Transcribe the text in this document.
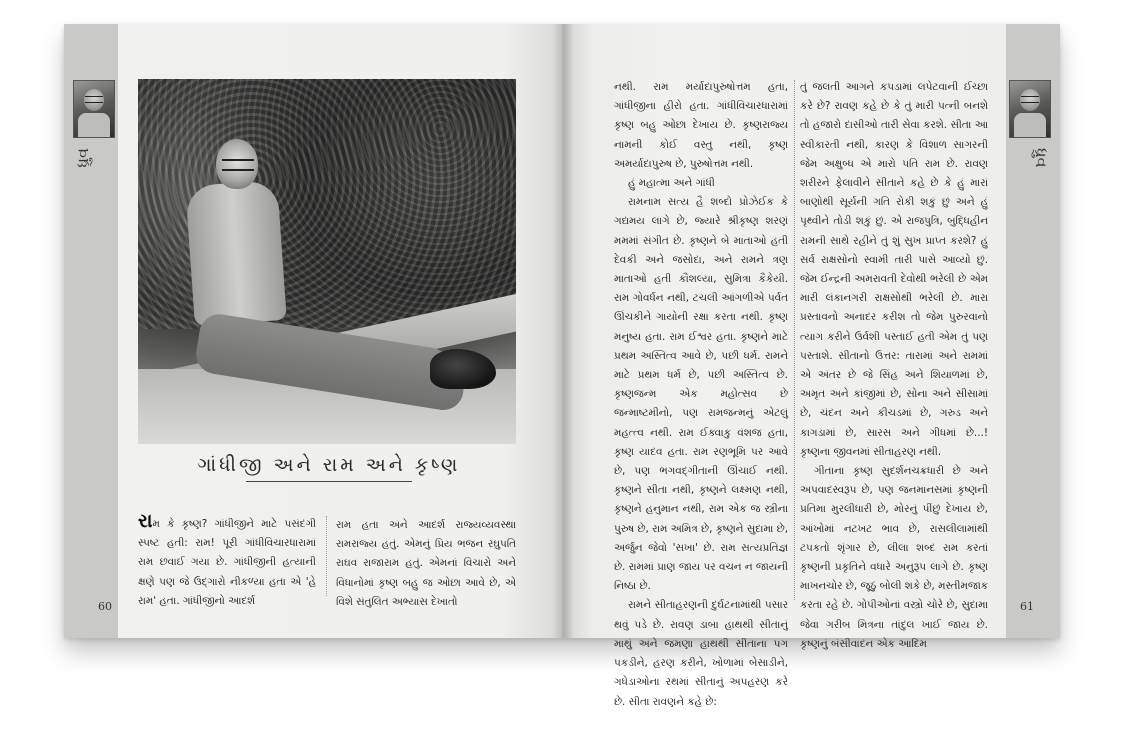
ધ્રુવ
ગાંધીજી અને રામ અને કૃષ્ણ

રામ કે કૃષ્ણ? ગાંધીજીને માટે પસંદગી સ્પષ્ટ હતી: રામ! પૂરી ગાંધીવિચારધારામાં રામ છવાઈ ગયા છે. ગાંધીજીની હત્યાની ક્ષણે પણ જે ઉદ્ગારો નીકળ્યા હતા એ 'હે રામ' હતા. ગાંધીજીનો આદર્શ

રામ હતા અને આદર્શ રાજ્યવ્યવસ્થા રામરાજ્ય હતું. એમનું પ્રિય ભજન રઘુપતિ રાઘવ રાજારામ હતું. એમનાં વિચારો અને વિધાનોમાં કૃષ્ણ બહુ જ ઓછા આવે છે, એ વિશે સંતુલિત અભ્યાસ દેખાતો

60

નથી. રામ મર્યાદાપુરુષોત્તમ હતા, ગાંધીજીના હીરો હતા. ગાંધીવિચારધારામાં કૃષ્ણ બહુ ઓછા દેખાય છે. કૃષ્ણરાજ્ય નામની કોઈ વસ્તુ નથી, કૃષ્ણ અમર્યાદાપુરુષ છે, પુરુષોત્તમ નથી.

હું મહાત્મા અને ગાંધી

રામનામ સત્ય હૈ શબ્દો પ્રોઝેઈક કે ગદ્યમય લાગે છે, જ્યારે શ્રીકૃષ્ણ શરણં મમમાં સંગીત છે. કૃષ્ણને બે માતાઓ હતી દેવકી અને જસોદા, અને રામને ત્રણ માતાઓ હતી કૌશલ્યા, સુમિત્રા કૈકેયી. રામ ગોવર્ધન નથી, ટચલી આંગળીએ પર્વત ઊંચકીને ગાયોની રક્ષા કરતા નથી. કૃષ્ણ મનુષ્ય હતા. રામ ઈશ્વર હતા. કૃષ્ણને માટે પ્રથમ અસ્તિત્વ આવે છે, પછી ધર્મ. રામને માટે પ્રથમ ધર્મ છે, પછી અસ્તિત્વ છે. કૃષ્ણજન્મ એક મહોત્સવ છે જન્માષ્ટમીનો, પણ રામજન્મનું એટલું મહત્ત્વ નથી. રામ ઈક્વાકુ વંશજ હતા, કૃષ્ણ યાદવ હતા. રામ રણભૂમિ પર આવે છે, પણ ભગવદ્ગીતાની ઊંચાઈ નથી. કૃષ્ણને સીતા નથી, કૃષ્ણને લક્ષ્મણ નથી, કૃષ્ણને હનુમાન નથી, રામ એક જ સ્ત્રીના પુરુષ છે, રામ અમિત્ર છે, કૃષ્ણને સુદામા છે, અર્જુન જેવો 'સખા' છે. રામ સત્યપ્રતિજ્ઞ છે. રામમાં પ્રાણ જાય પર વચન ન જાયની નિષ્ઠા છે.

રામને સીતાહરણની દુર્ઘટનામાંથી પસાર થવું પડે છે. રાવણ ડાબા હાથથી સીતાનું માથું અને જમણા હાથથી સીતાના પગ પકડીને, હરણ કરીને, ખોળામાં બેસાડીને, ગધેડાઓના રથમાં સીતાનું અપહરણ કરે છે. સીતા રાવણને કહે છે:

તું જલતી આગને કપડામાં લપેટવાની ઈચ્છા કરે છે? રાવણ કહે છે કે તું મારી પત્ની બનશે તો હજારો દાસીઓ તારી સેવા કરશે. સીતા આ સ્વીકારતી નથી, કારણ કે વિશાળ સાગરની જેમ અક્ષુબ્ધ એ મારો પતિ રામ છે. રાવણ શરીરને ફેલાવીને સીતાને કહે છે કે હું મારાં બાણોથી સૂર્યની ગતિ રોકી શકું છું અને હું પૃથ્વીને તોડી શકું છું. એ રાજપુત્રિ, બુદ્ધિહીન રામની સાથે રહીને તું શું સુખ પ્રાપ્ત કરશે? હું સર્વ રાક્ષસોનો સ્વામી તારી પાસે આવ્યો છું. જેમ ઈન્દ્રની અમરાવતી દેવોથી ભરેલી છે એમ મારી લંકાનગરી રાક્ષસોથી ભરેલી છે. મારા પ્રસ્તાવનો અનાદર કરીશ તો જેમ પુરુરવાનો ત્યાગ કરીને ઉર્વશી પસ્તાઈ હતી એમ તું પણ પસ્તાશે. સીતાનો ઉત્તર: તારામાં અને રામમાં એ અંતર છે જે સિંહ અને શિયાળમાં છે, અમૃત અને કાંજીમાં છે, સોના અને સીસામાં છે, ચંદન અને કીચડમાં છે, ગરુડ અને કાગડામાં છે, સારસ અને ગીધમાં છે...! કૃષ્ણના જીવનમાં સીતાહરણ નથી.

ગીતાના કૃષ્ણ સુદર્શનચક્રધારી છે અને અપવાદસ્વરૂપ છે, પણ જનમાનસમાં કૃષ્ણની પ્રતિમા મુરલીધારી છે, મોરનું પીંછું દેખાય છે, આંખોમાં નટખટ ભાવ છે, રાસલીલામાંથી ટપકતો શૃંગાર છે, લીલા શબ્દ રામ કરતાં કૃષ્ણની પ્રકૃતિને વધારે અનુરૂપ લાગે છે. કૃષ્ણ માખનચોર છે, જૂઠું બોલી શકે છે, મસ્તીમજાક કરતા રહે છે. ગોપીઓનાં વસ્ત્રો ચોરે છે, સુદામા જેવા ગરીબ મિત્રના તાંદુલ ખાઈ જાય છે. કૃષ્ણનું બંસીવાદન એક આદિમ

ધ્રુવ
61
